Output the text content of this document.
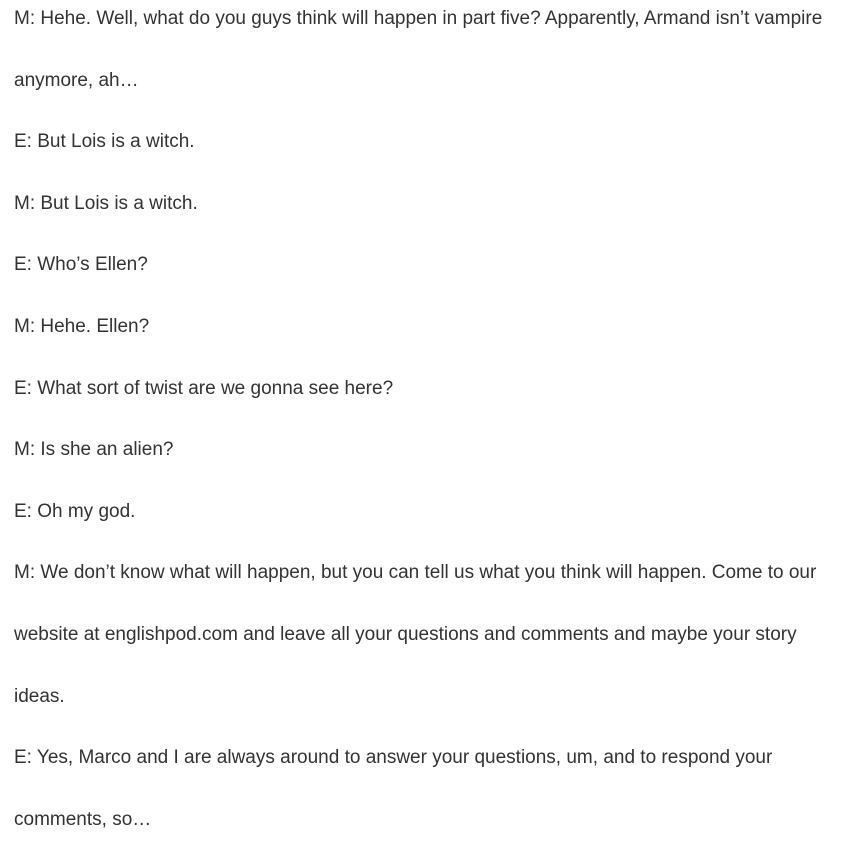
M: Hehe. Well, what do you guys think will happen in part five? Apparently, Armand isn’t vampire anymore, ah…

E: But Lois is a witch.

M: But Lois is a witch.

E: Who’s Ellen?

M: Hehe. Ellen?

E: What sort of twist are we gonna see here?

M: Is she an alien?

E: Oh my god.

M: We don’t know what will happen, but you can tell us what you think will happen. Come to our website at englishpod.com and leave all your questions and comments and maybe your story ideas.

E: Yes, Marco and I are always around to answer your questions, um, and to respond your comments, so…
